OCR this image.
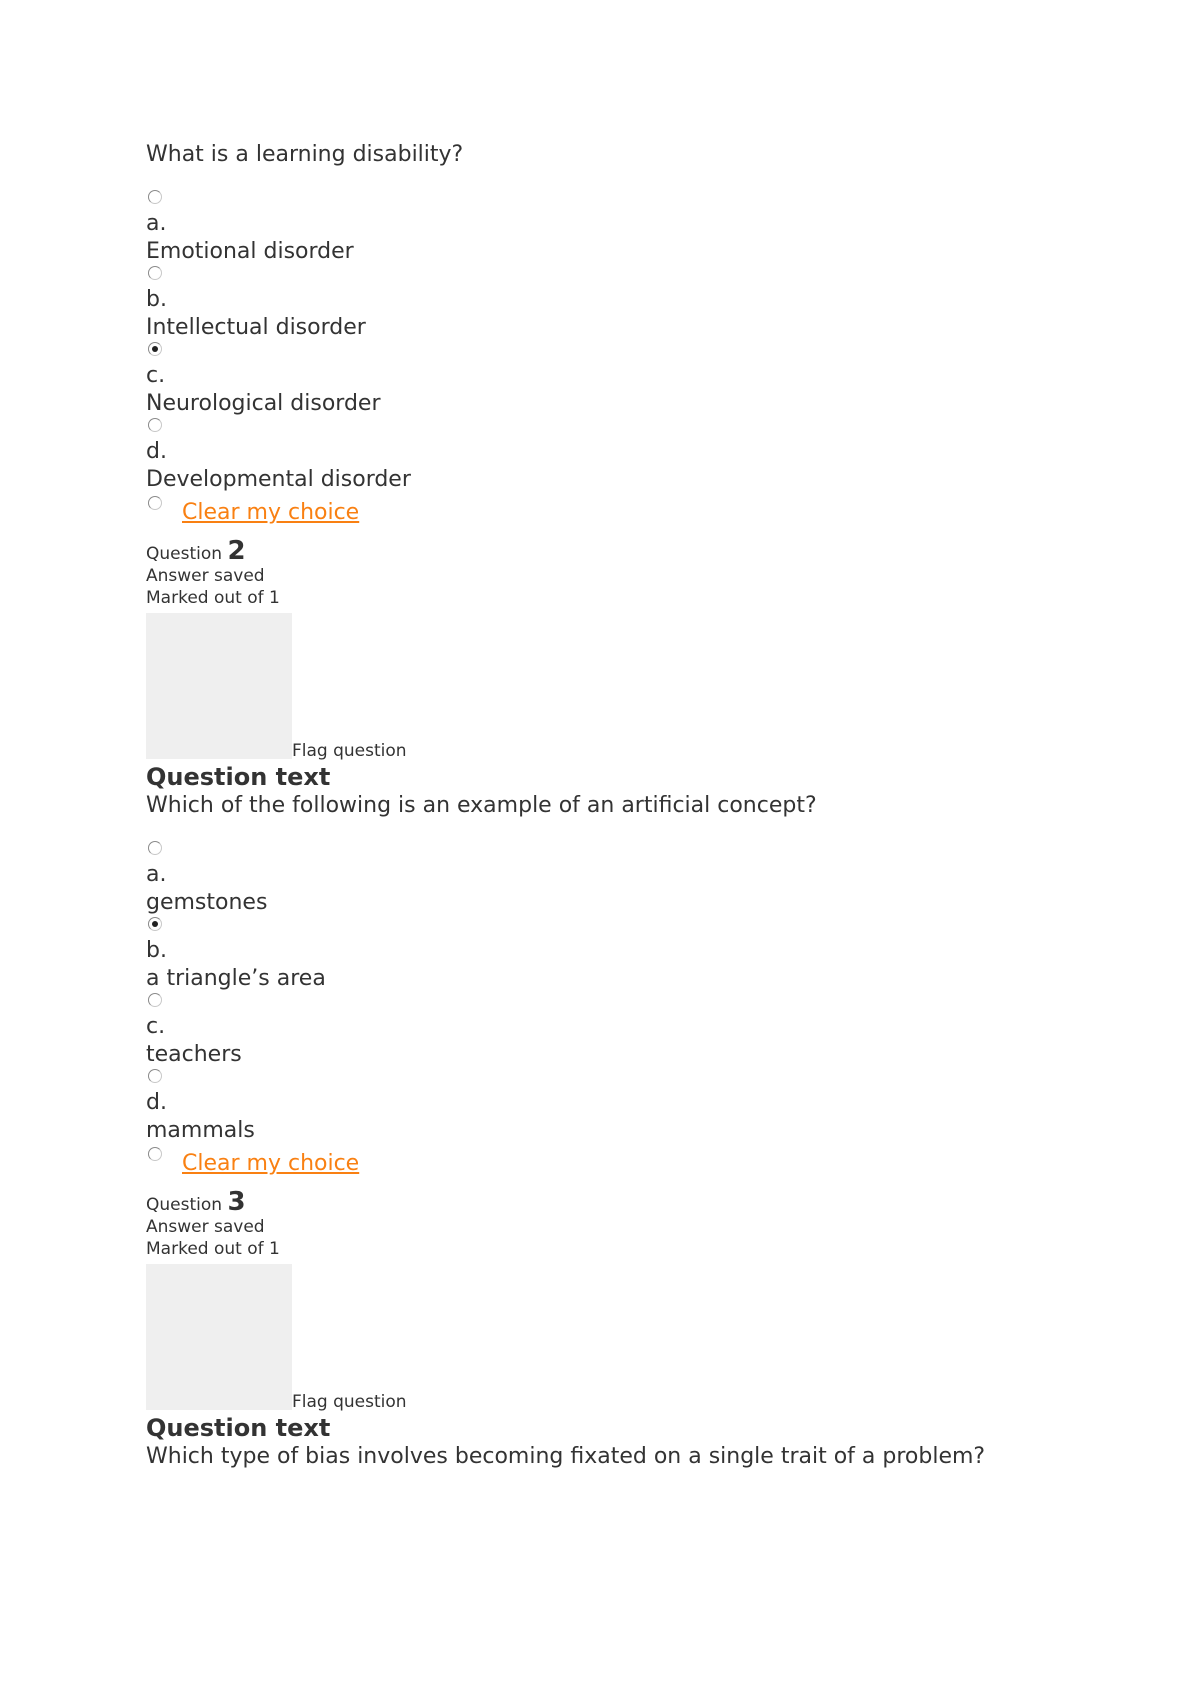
What is a learning disability?

a.
Emotional disorder
b.
Intellectual disorder
c.
Neurological disorder
d.
Developmental disorder
Clear my choice
Question 2
Answer saved
Marked out of 1
Flag question
Question text

Which of the following is an example of an artificial concept?

a.
gemstones
b.
a triangle’s area
c.
teachers
d.
mammals
Clear my choice
Question 3
Answer saved
Marked out of 1
Flag question
Question text

Which type of bias involves becoming fixated on a single trait of a problem?
